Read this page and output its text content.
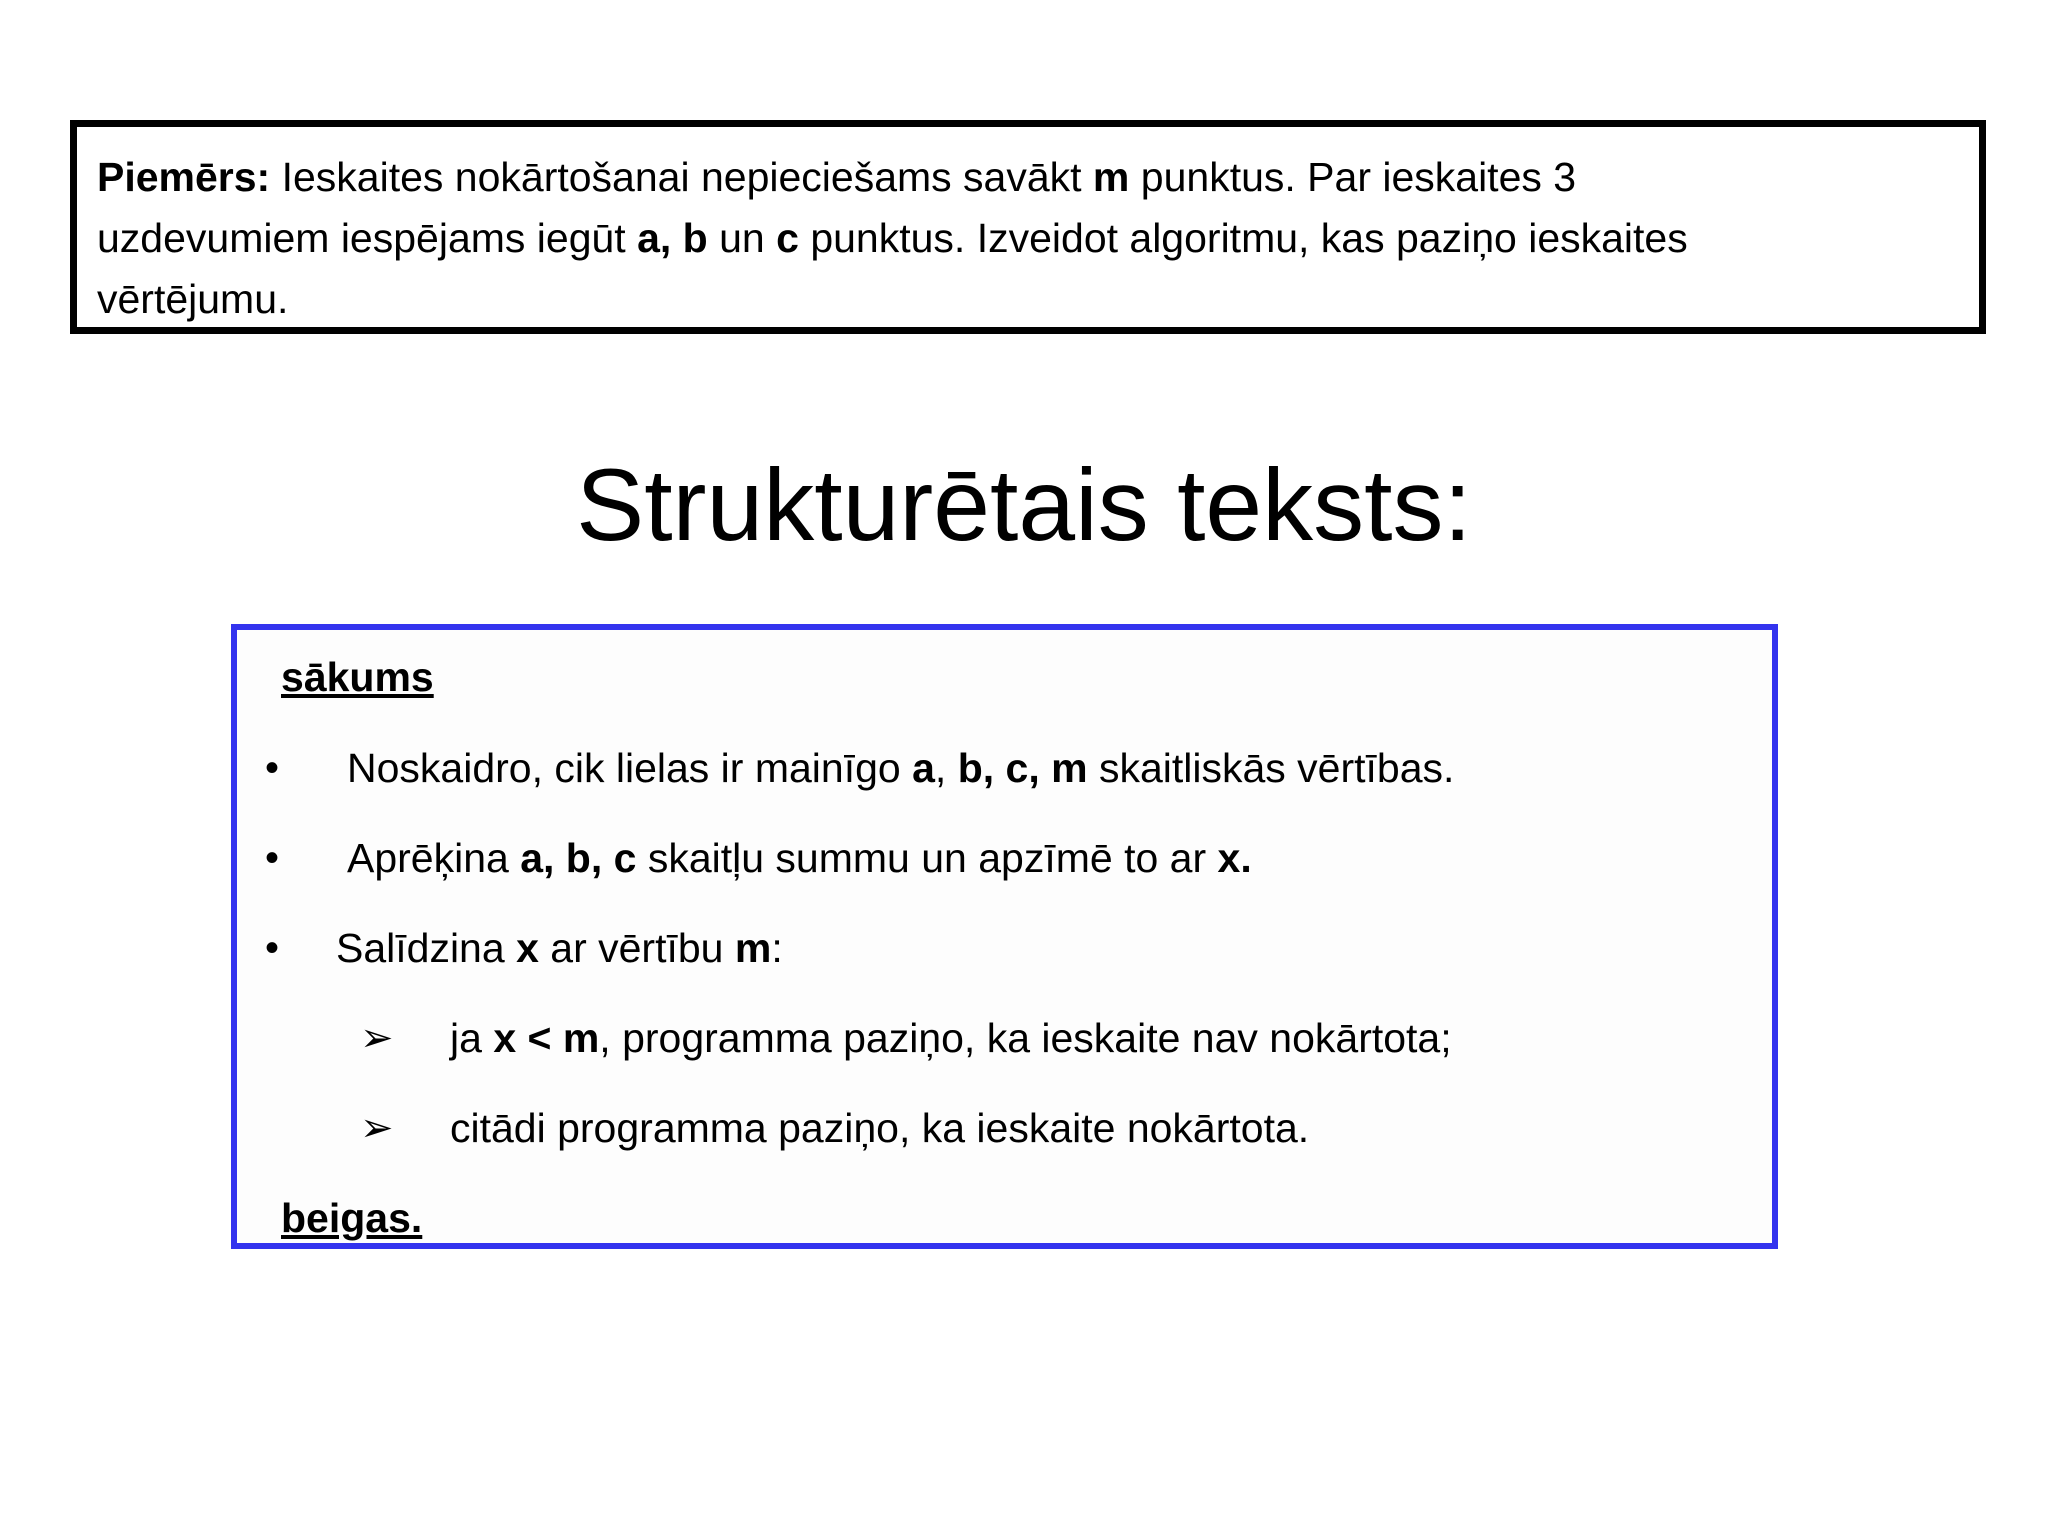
Piemērs: Ieskaites nokārtošanai nepieciešams savākt m punktus. Par ieskaites 3
uzdevumiem iespējams iegūt a, b un c punktus. Izveidot algoritmu, kas paziņo ieskaites
vērtējumu.
Strukturētais teksts:
sākums
• Noskaidro, cik lielas ir mainīgo a, b, c, m skaitliskās vērtības.
• Aprēķina a, b, c skaitļu summu un apzīmē to ar x.
• Salīdzina x ar vērtību m:
➢ ja x < m, programma paziņo, ka ieskaite nav nokārtota;
➢ citādi programma paziņo, ka ieskaite nokārtota.
beigas.
